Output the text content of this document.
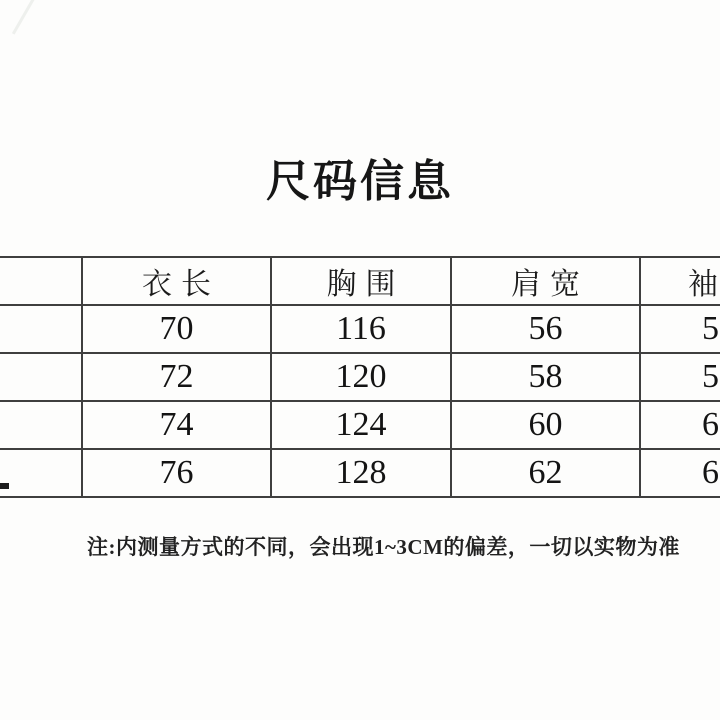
尺码信息
	衣长	胸围	肩宽	袖
	70	116	56	5
	72	120	58	5
	74	124	60	6
	76	128	62	6
注:内测量方式的不同，会出现1~3CM的偏差，一切以实物为准
